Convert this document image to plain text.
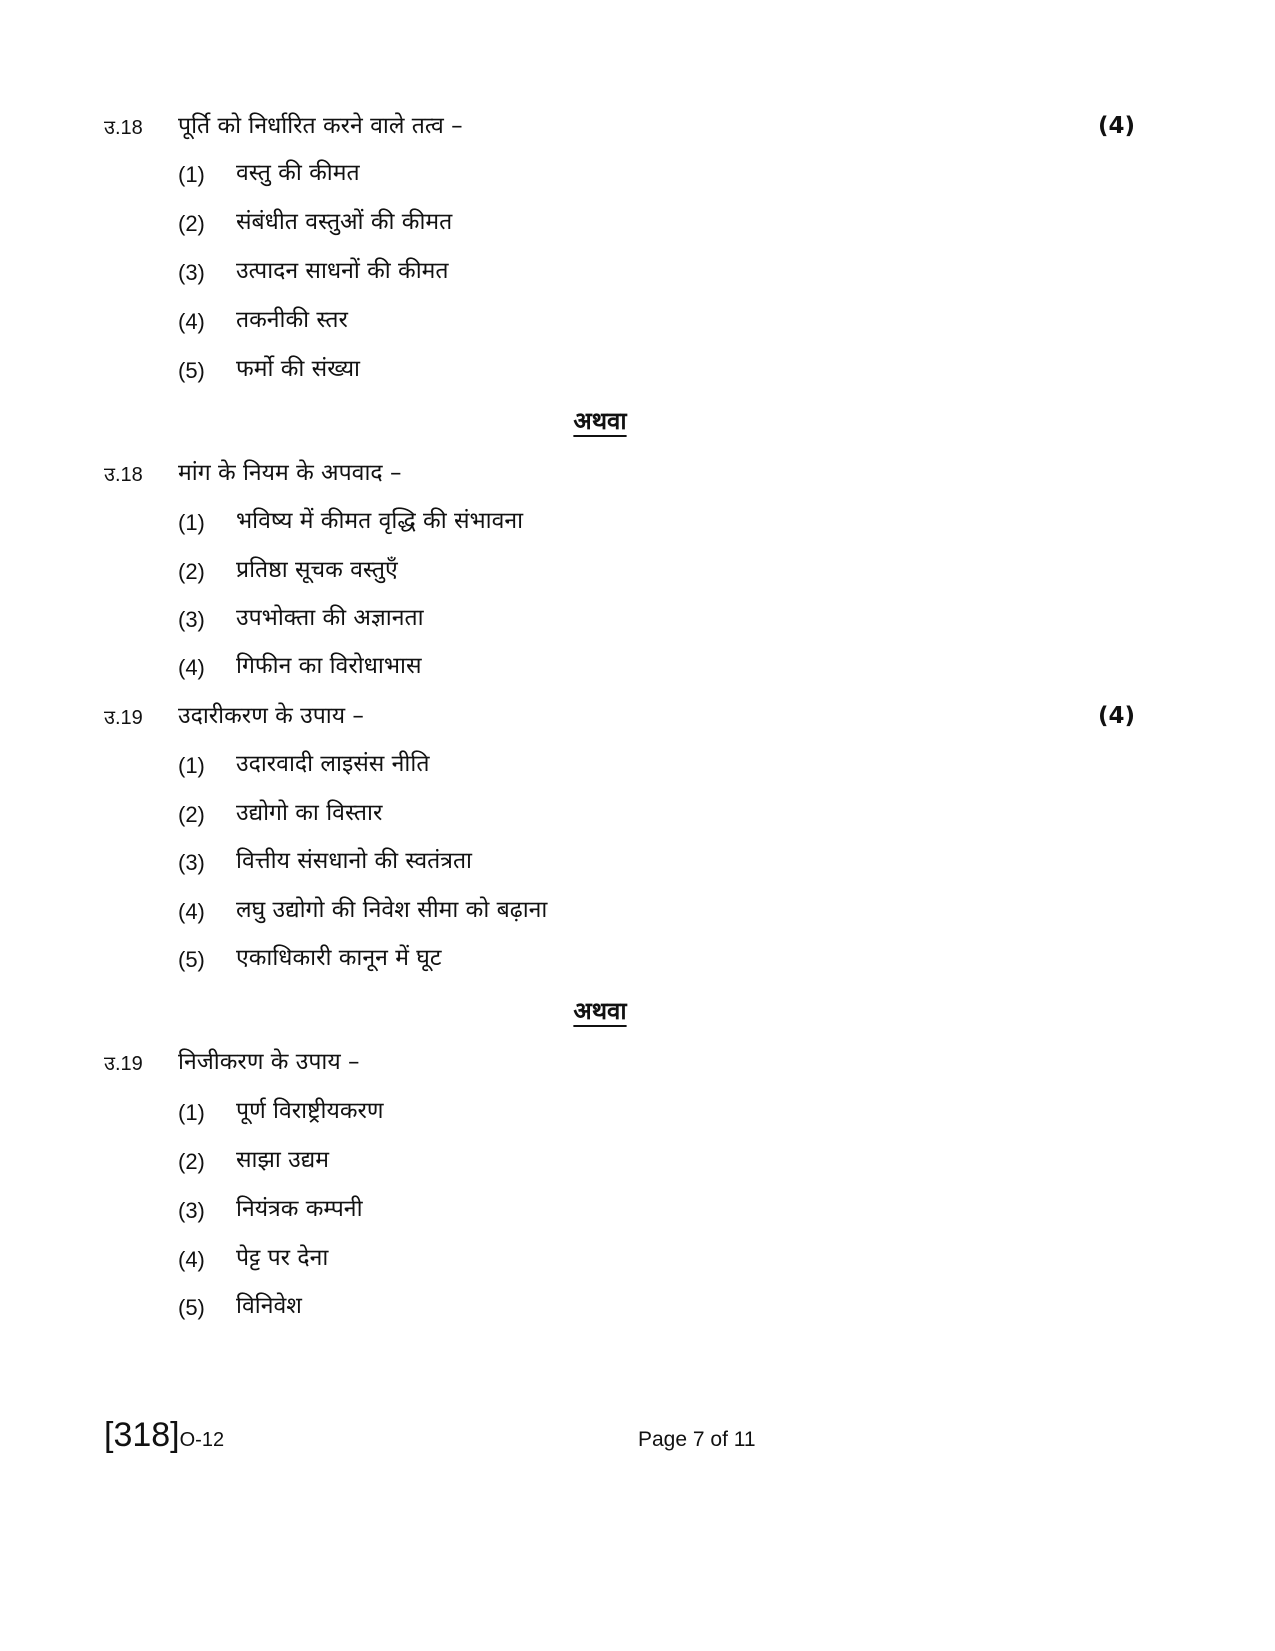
उ.18 पूर्ति को निर्धारित करने वाले तत्व –	(4)
(1) वस्तु की कीमत
(2) संबंधीत वस्तुओं की कीमत
(3) उत्पादन साधनों की कीमत
(4) तकनीकी स्तर
(5) फर्मो की संख्या
अथवा
उ.18 मांग के नियम के अपवाद –
(1) भविष्य में कीमत वृद्धि की संभावना
(2) प्रतिष्ठा सूचक वस्तुएँ
(3) उपभोक्ता की अज्ञानता
(4) गिफीन का विरोधाभास
उ.19 उदारीकरण के उपाय –	(4)
(1) उदारवादी लाइसंस नीति
(2) उद्योगो का विस्तार
(3) वित्तीय संसधानो की स्वतंत्रता
(4) लघु उद्योगो की निवेश सीमा को बढ़ाना
(5) एकाधिकारी कानून में घूट
अथवा
उ.19 निजीकरण के उपाय –
(1) पूर्ण विराष्ट्रीयकरण
(2) साझा उद्यम
(3) नियंत्रक कम्पनी
(4) पेट्ट पर देना
(5) विनिवेश
[318]O-12	Page 7 of 11
